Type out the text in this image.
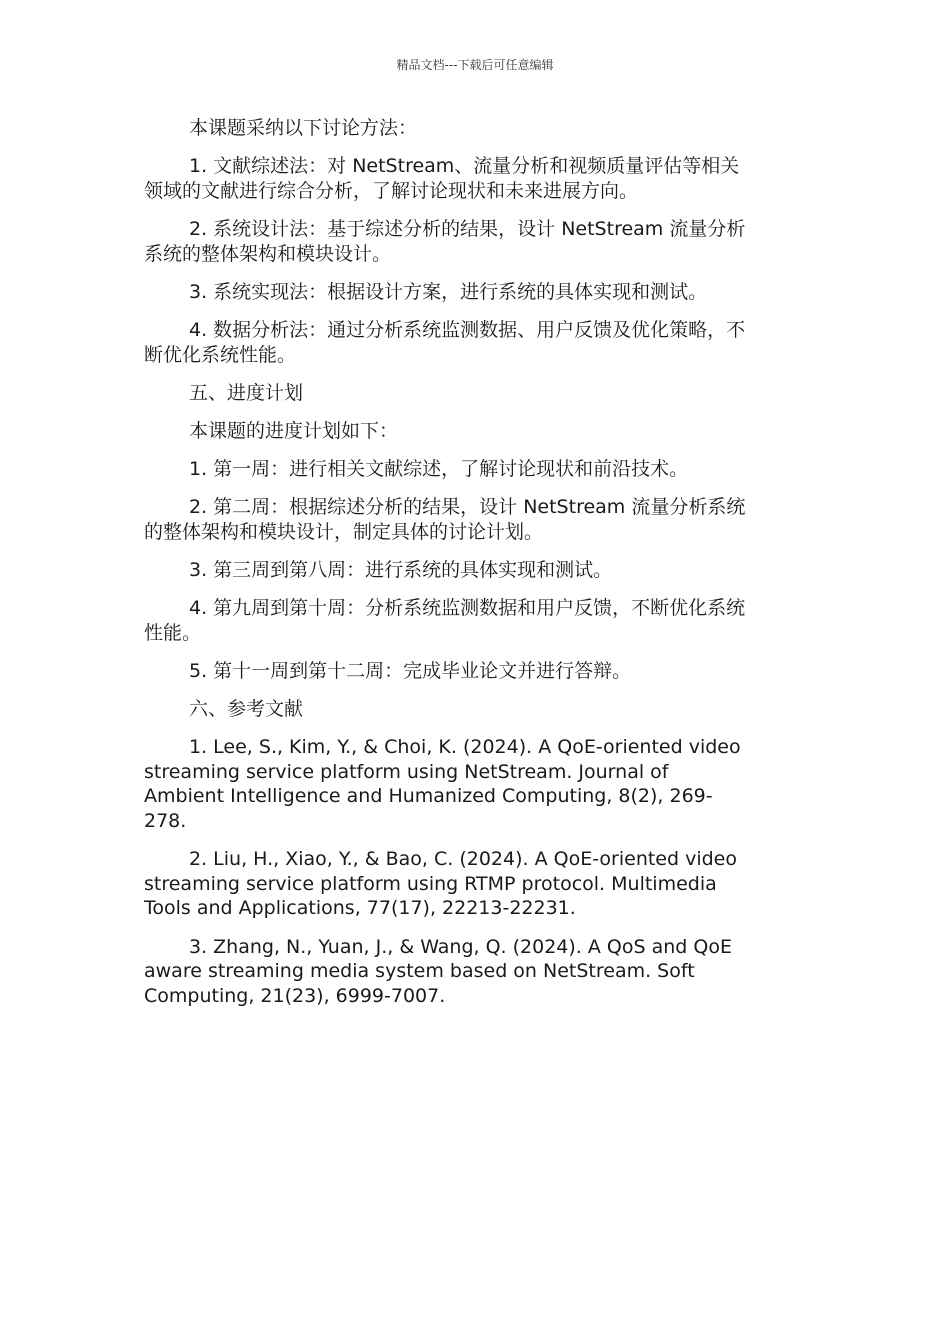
精品文档---下载后可任意编辑

本课题采纳以下讨论方法：

1. 文献综述法：对 NetStream、流量分析和视频质量评估等相关
领域的文献进行综合分析，了解讨论现状和未来进展方向。

2. 系统设计法：基于综述分析的结果，设计 NetStream 流量分析
系统的整体架构和模块设计。

3. 系统实现法：根据设计方案，进行系统的具体实现和测试。

4. 数据分析法：通过分析系统监测数据、用户反馈及优化策略，不
断优化系统性能。

五、进度计划

本课题的进度计划如下：

1. 第一周：进行相关文献综述，了解讨论现状和前沿技术。

2. 第二周：根据综述分析的结果，设计 NetStream 流量分析系统
的整体架构和模块设计，制定具体的讨论计划。

3. 第三周到第八周：进行系统的具体实现和测试。

4. 第九周到第十周：分析系统监测数据和用户反馈，不断优化系统
性能。

5. 第十一周到第十二周：完成毕业论文并进行答辩。

六、参考文献

1. Lee, S., Kim, Y., & Choi, K. (2024). A QoE-oriented video
streaming service platform using NetStream. Journal of
Ambient Intelligence and Humanized Computing, 8(2), 269-
278.

2. Liu, H., Xiao, Y., & Bao, C. (2024). A QoE-oriented video
streaming service platform using RTMP protocol. Multimedia
Tools and Applications, 77(17), 22213-22231.

3. Zhang, N., Yuan, J., & Wang, Q. (2024). A QoS and QoE
aware streaming media system based on NetStream. Soft
Computing, 21(23), 6999-7007.
